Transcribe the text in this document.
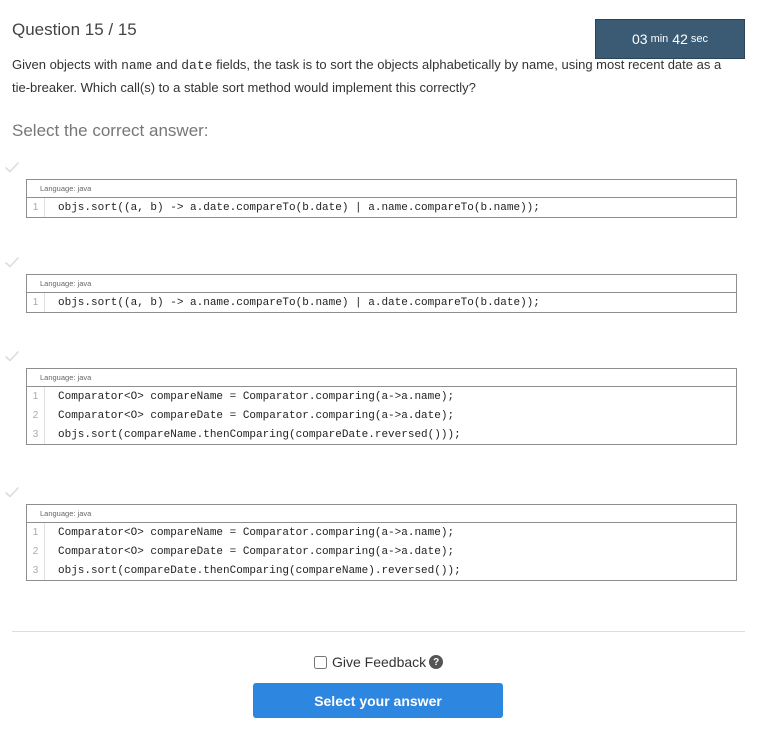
Question 15 / 15	03 min 42 sec
Given objects with name and date fields, the task is to sort the objects alphabetically by name, using most recent date as a tie-breaker. Which call(s) to a stable sort method would implement this correctly?
Select the correct answer:
Language: java
1	objs.sort((a, b) -> a.date.compareTo(b.date) | a.name.compareTo(b.name));
Language: java
1	objs.sort((a, b) -> a.name.compareTo(b.name) | a.date.compareTo(b.date));
Language: java
1	Comparator<O> compareName = Comparator.comparing(a->a.name);
2	Comparator<O> compareDate = Comparator.comparing(a->a.date);
3	objs.sort(compareName.thenComparing(compareDate.reversed()));
Language: java
1	Comparator<O> compareName = Comparator.comparing(a->a.name);
2	Comparator<O> compareDate = Comparator.comparing(a->a.date);
3	objs.sort(compareDate.thenComparing(compareName).reversed());
Give Feedback ?
Select your answer
